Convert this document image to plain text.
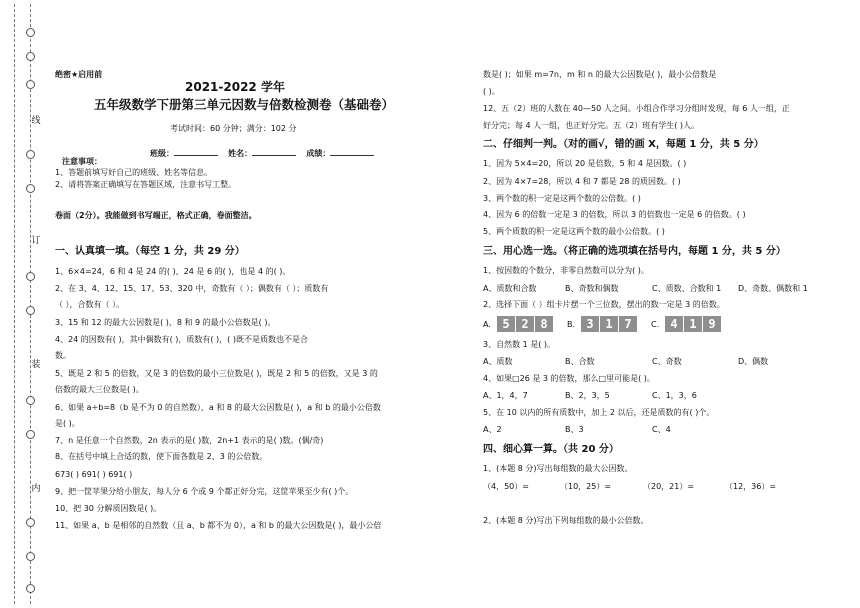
线
订
装
内
绝密★启用前
2021-2022 学年
五年级数学下册第三单元因数与倍数检测卷（基础卷）
考试时间：60 分钟；满分：102 分
班级：	姓名：	成绩：
注意事项：
1、答题前填写好自己的班级、姓名等信息。
2、请将答案正确填写在答题区域，注意书写工整。
卷面（2分）。我能做到书写端正，格式正确，卷面整洁。
一、认真填一填。（每空 1 分，共 29 分）
1、6×4=24，6 和 4 是 24 的( )，24 是 6 的( )，也是 4 的( )。
2、在 3、4、12、15、17、53、320 中，奇数有（ ）；偶数有（ ）；质数有
（ ），合数有（ ）。
3、15 和 12 的最大公因数是( )，8 和 9 的最小公倍数是( )。
4、24 的因数有( )，其中偶数有( )，质数有( )，( )既不是质数也不是合
数。
5、既是 2 和 5 的倍数，又是 3 的倍数的最小三位数是( )，既是 2 和 5 的倍数，又是 3 的
倍数的最大三位数是( )。
6、如果 a÷b=8（b 是不为 0 的自然数），a 和 8 的最大公因数是( )，a 和 b 的最小公倍数
是( )。
7、n 是任意一个自然数，2n 表示的是( )数，2n+1 表示的是( )数。(偶/奇)
8、在括号中填上合适的数，使下面各数是 2、3 的公倍数。
673( ) 691( ) 691( )
9、把一筐苹果分给小朋友，每人分 6 个或 9 个都正好分完，这筐苹果至少有( )个。
10、把 30 分解质因数是( )。
11、如果 a、b 是相邻的自然数（且 a、b 都不为 0），a 和 b 的最大公因数是( )，最小公倍
数是( )；如果 m=7n，m 和 n 的最大公因数是( )，最小公倍数是
( )。
12、五（2）班的人数在 40—50 人之间。小组合作学习分组时发现，每 6 人一组，正
好分完；每 4 人一组，也正好分完。五（2）班有学生( )人。
二、仔细判一判。（对的画√，错的画 X，每题 1 分，共 5 分）
1、因为 5×4=20，所以 20 是倍数，5 和 4 是因数。( )
2、因为 4×7=28，所以 4 和 7 都是 28 的质因数。( )
3、两个数的积一定是这两个数的公倍数。( )
4、因为 6 的倍数一定是 3 的倍数，所以 3 的倍数也一定是 6 的倍数。( )
5、两个质数的积一定是这两个数的最小公倍数。( )
三、用心选一选。（将正确的选项填在括号内，每题 1 分，共 5 分）
1、按因数的个数分，非零自然数可以分为( )。
A、质数和合数	B、奇数和偶数	C、质数、合数和 1 D、奇数、偶数和 1
2、选择下面（ ）组卡片摆一个三位数，摆出的数一定是 3 的倍数。
A. 5 2 8	B. 3 1 7	C. 4 1 9
3、自然数 1 是( )。
A、质数	B、合数	C、奇数	D、偶数
4、如果□26 是 3 的倍数，那么□里可能是( )。
A、1，4，7	B、2，3，5	C、1，3，6
5、在 10 以内的所有质数中，加上 2 以后，还是质数的有( )个。
A、2	B、3	C、4
四、细心算一算。（共 20 分）
1、(本题 8 分)写出每组数的最大公因数。
（4，50）=	（10，25）=	（20，21）=	（12，36）=
2、(本题 8 分)写出下列每组数的最小公倍数。
